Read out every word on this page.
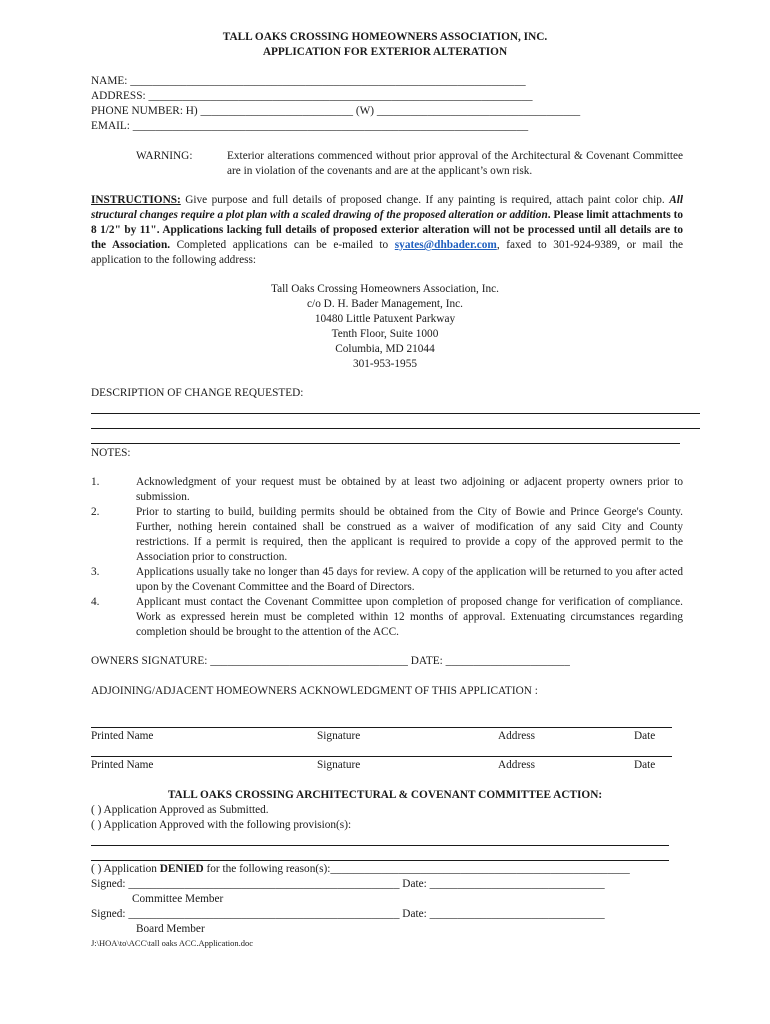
TALL OAKS CROSSING HOMEOWNERS ASSOCIATION, INC.
APPLICATION FOR EXTERIOR ALTERATION
NAME: ______________________________________________________________________
ADDRESS: ____________________________________________________________________
PHONE NUMBER: H) ___________________________ (W) ____________________________________
EMAIL: ______________________________________________________________________
WARNING:	Exterior alterations commenced without prior approval of the Architectural & Covenant Committee are in violation of the covenants and are at the applicant’s own risk.
INSTRUCTIONS: Give purpose and full details of proposed change. If any painting is required, attach paint color chip. All structural changes require a plot plan with a scaled drawing of the proposed alteration or addition. Please limit attachments to 8 1/2" by 11". Applications lacking full details of proposed exterior alteration will not be processed until all details are to the Association. Completed applications can be e-mailed to syates@dhbader.com, faxed to 301-924-9389, or mail the application to the following address:
Tall Oaks Crossing Homeowners Association, Inc.
c/o D. H. Bader Management, Inc.
10480 Little Patuxent Parkway
Tenth Floor, Suite 1000
Columbia, MD 21044
301-953-1955
DESCRIPTION OF CHANGE REQUESTED:
NOTES:
1.	Acknowledgment of your request must be obtained by at least two adjoining or adjacent property owners prior to submission.
2.	Prior to starting to build, building permits should be obtained from the City of Bowie and Prince George's County. Further, nothing herein contained shall be construed as a waiver of modification of any said City and County restrictions. If a permit is required, then the applicant is required to provide a copy of the approved permit to the Association prior to construction.
3.	Applications usually take no longer than 45 days for review. A copy of the application will be returned to you after acted upon by the Covenant Committee and the Board of Directors.
4.	Applicant must contact the Covenant Committee upon completion of proposed change for verification of compliance. Work as expressed herein must be completed within 12 months of approval. Extenuating circumstances regarding completion should be brought to the attention of the ACC.
OWNERS SIGNATURE: ___________________________________ DATE: ______________________
ADJOINING/ADJACENT HOMEOWNERS ACKNOWLEDGMENT OF THIS APPLICATION :
Printed Name	Signature	Address	Date
Printed Name	Signature	Address	Date
TALL OAKS CROSSING ARCHITECTURAL & COVENANT COMMITTEE ACTION:
( ) Application Approved as Submitted.
( ) Application Approved with the following provision(s):
( ) Application DENIED for the following reason(s):_____________________________________________________
Signed: ________________________________________________ Date: _______________________________
Committee Member
Signed: ________________________________________________ Date: _______________________________
Board Member
J:\HOA\to\ACC\tall oaks ACC.Application.doc
